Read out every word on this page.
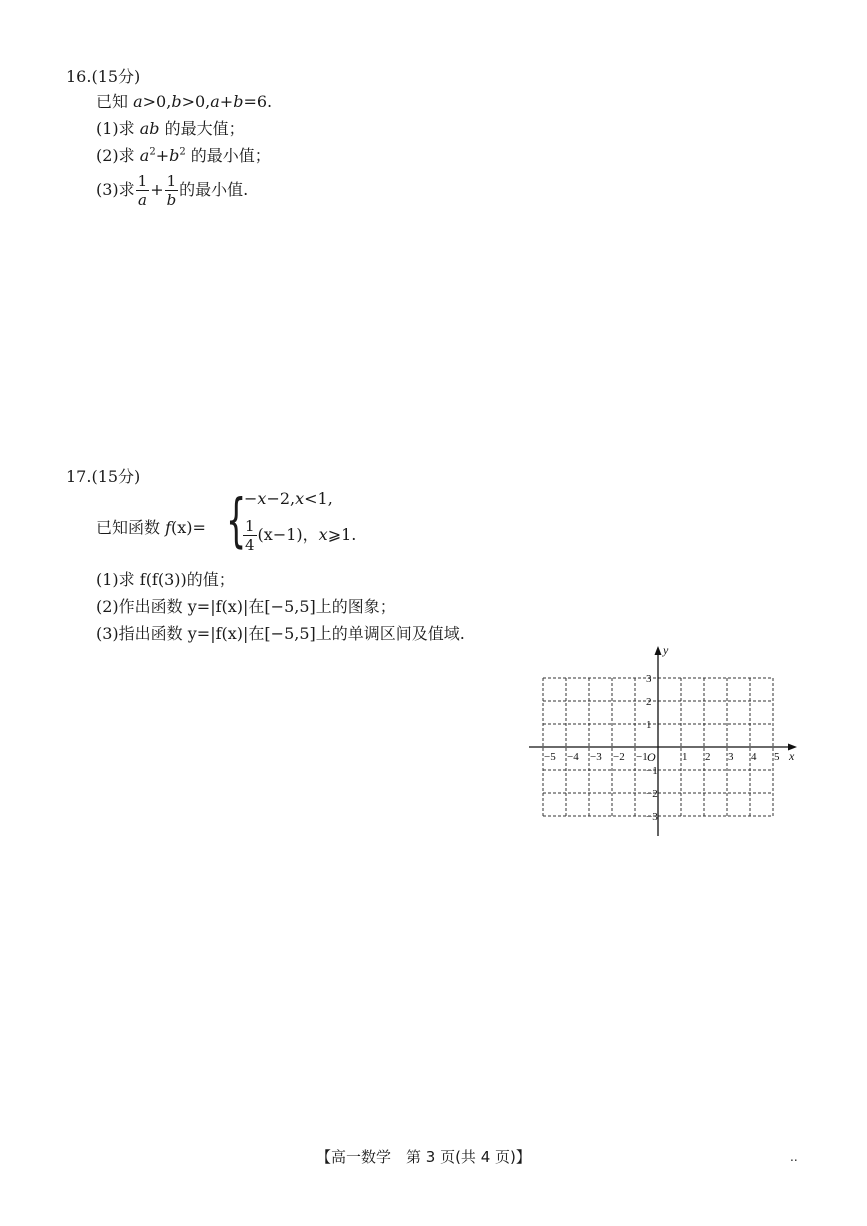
16.(15分)
已知 a>0,b>0,a+b=6.
(1)求 ab 的最大值；
(2)求 $a^2+b^2$ 的最小值；
(3)求 $\frac{1}{a} + \frac{1}{b}$ 的最小值.
17.(15分)
已知函数 f(x)= {
−x−2,x<1,
$\frac{1}{4} (x-1)$，x⩾1.
(1)求 f(f(3))的值；
(2)作出函数 y=|f(x)|在[−5,5]上的图象；
(3)指出函数 y=|f(x)|在[−5,5]上的单调区间及值域.
x
y
O
−5 −4 −3 −2 −1	1 2 3 4 5
3
2
1
−1
−2
−3
【高一数学　第 3 页(共 4 页)】	..
